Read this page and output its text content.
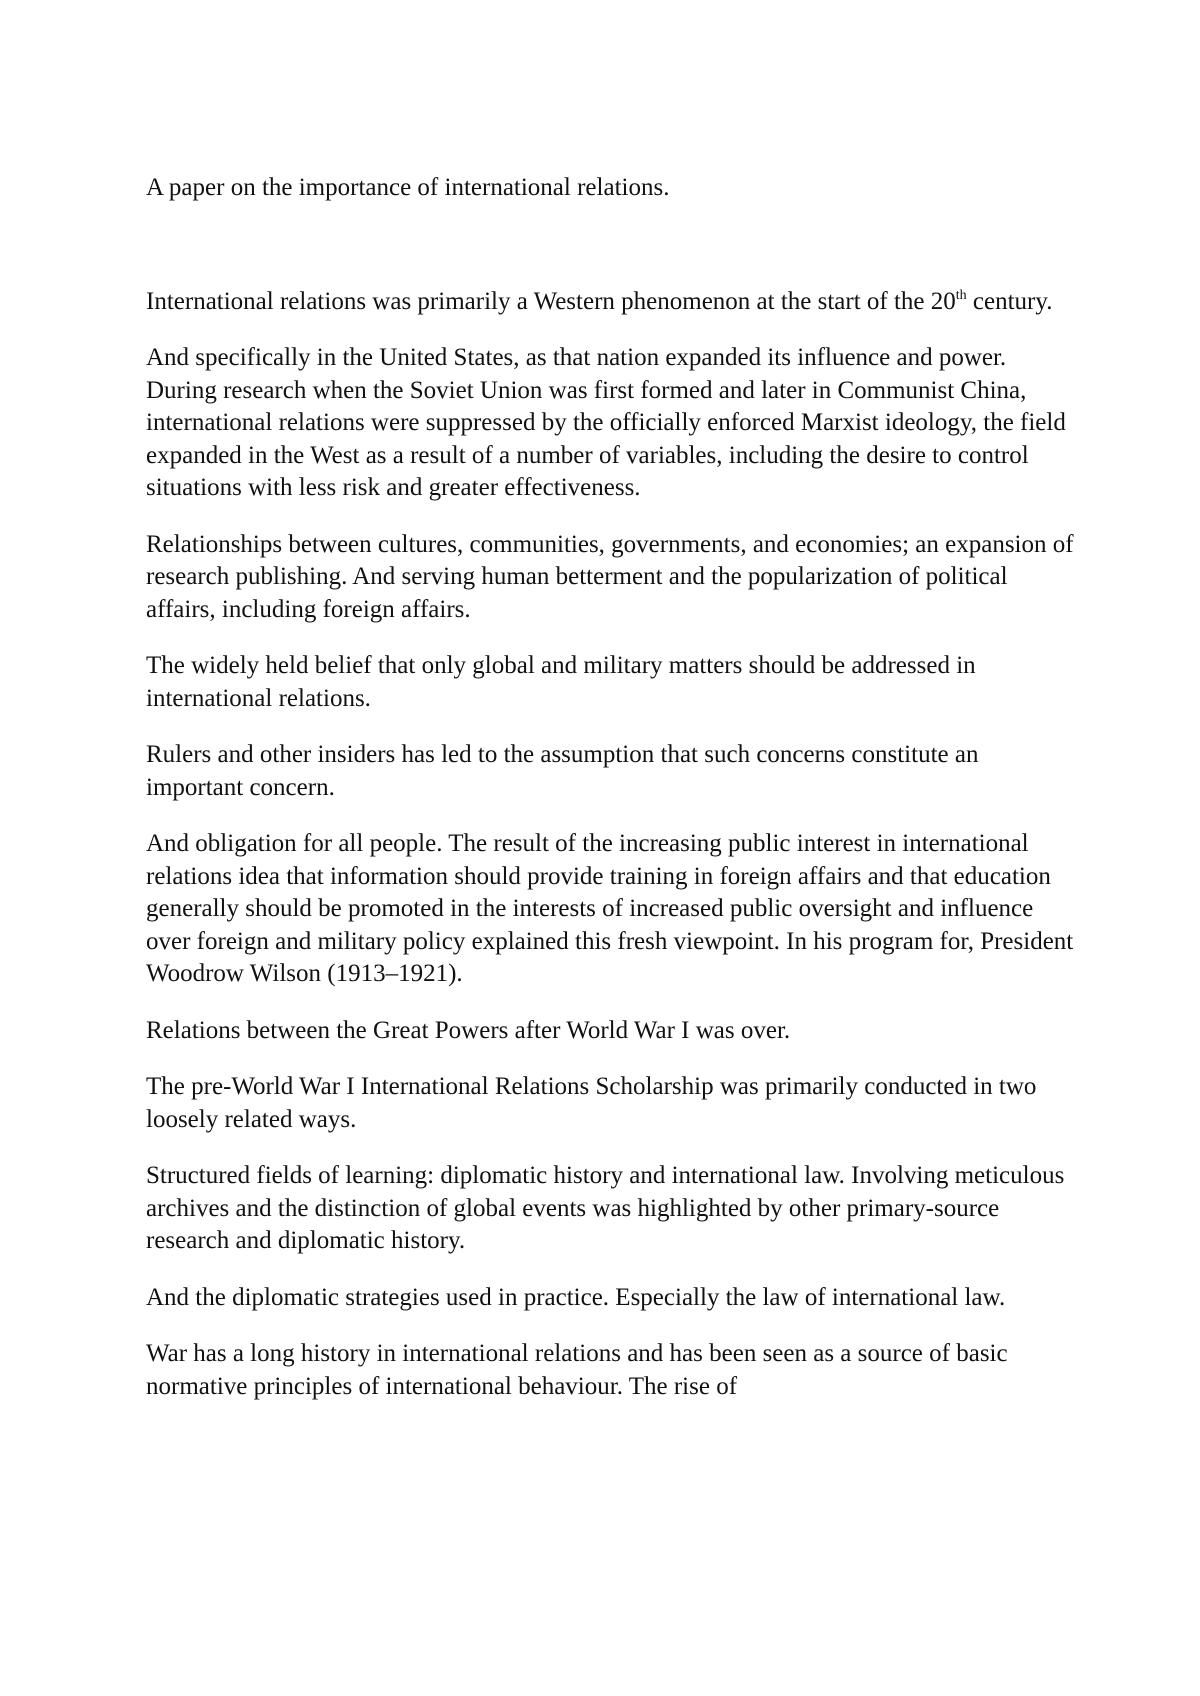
A paper on the importance of international relations.

International relations was primarily a Western phenomenon at the start of the 20th century.

And specifically in the United States, as that nation expanded its influence and power. During research when the Soviet Union was first formed and later in Communist China, international relations were suppressed by the officially enforced Marxist ideology, the field expanded in the West as a result of a number of variables, including the desire to control situations with less risk and greater effectiveness.

Relationships between cultures, communities, governments, and economies; an expansion of research publishing. And serving human betterment and the popularization of political affairs, including foreign affairs.

The widely held belief that only global and military matters should be addressed in international relations.

Rulers and other insiders has led to the assumption that such concerns constitute an important concern.

And obligation for all people. The result of the increasing public interest in international relations idea that information should provide training in foreign affairs and that education generally should be promoted in the interests of increased public oversight and influence over foreign and military policy explained this fresh viewpoint. In his program for, President Woodrow Wilson (1913–1921).

Relations between the Great Powers after World War I was over.

The pre-World War I International Relations Scholarship was primarily conducted in two loosely related ways.

Structured fields of learning: diplomatic history and international law. Involving meticulous archives and the distinction of global events was highlighted by other primary-source research and diplomatic history.

And the diplomatic strategies used in practice. Especially the law of international law.

War has a long history in international relations and has been seen as a source of basic normative principles of international behaviour. The rise of
